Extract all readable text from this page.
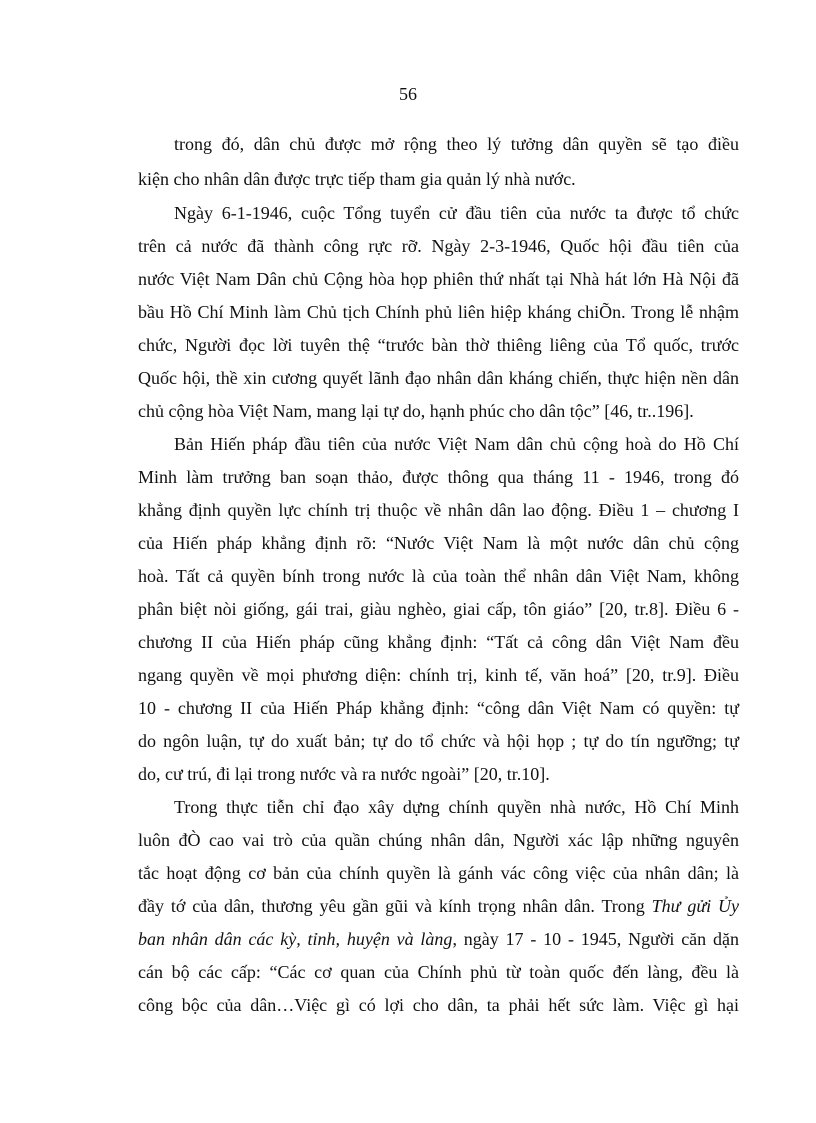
56
trong đó, dân chủ được mở rộng theo lý tưởng dân quyền sẽ tạo điều
kiện cho nhân dân được trực tiếp tham gia quản lý nhà nước.
Ngày 6-1-1946, cuộc Tổng tuyển cử đầu tiên của nước ta được tổ chức
trên cả nước đã thành công rực rỡ. Ngày 2-3-1946, Quốc hội đầu tiên của
nước Việt Nam Dân chủ Cộng hòa họp phiên thứ nhất tại Nhà hát lớn Hà Nội đã
bầu Hồ Chí Minh làm Chủ tịch Chính phủ liên hiệp kháng chiÕn. Trong lễ nhậm
chức, Người đọc lời tuyên thệ “trước bàn thờ thiêng liêng của Tổ quốc, trước
Quốc hội, thề xin cương quyết lãnh đạo nhân dân kháng chiến, thực hiện nền dân
chủ cộng hòa Việt Nam, mang lại tự do, hạnh phúc cho dân tộc” [46, tr..196].
Bản Hiến pháp đầu tiên của nước Việt Nam dân chủ cộng hoà do Hồ Chí
Minh làm trưởng ban soạn thảo, được thông qua tháng 11 - 1946, trong đó
khẳng định quyền lực chính trị thuộc về nhân dân lao động. Điều 1 – chương I
của Hiến pháp khẳng định rõ: “Nước Việt Nam là một nước dân chủ cộng
hoà. Tất cả quyền bính trong nước là của toàn thể nhân dân Việt Nam, không
phân biệt nòi giống, gái trai, giàu nghèo, giai cấp, tôn giáo” [20, tr.8]. Điều 6 -
chương II của Hiến pháp cũng khẳng định: “Tất cả công dân Việt Nam đều
ngang quyền về mọi phương diện: chính trị, kinh tế, văn hoá” [20, tr.9]. Điều
10 - chương II của Hiến Pháp khẳng định: “công dân Việt Nam có quyền: tự
do ngôn luận, tự do xuất bản; tự do tổ chức và hội họp ; tự do tín ngưỡng; tự
do, cư trú, đi lại trong nước và ra nước ngoài” [20, tr.10].
Trong thực tiễn chỉ đạo xây dựng chính quyền nhà nước, Hồ Chí Minh
luôn đÒ cao vai trò của quần chúng nhân dân, Người xác lập những nguyên
tắc hoạt động cơ bản của chính quyền là gánh vác công việc của nhân dân; là
đầy tớ của dân, thương yêu gần gũi và kính trọng nhân dân. Trong Thư gửi Ủy
ban nhân dân các kỳ, tỉnh, huyện và làng, ngày 17 - 10 - 1945, Người căn dặn
cán bộ các cấp: “Các cơ quan của Chính phủ từ toàn quốc đến làng, đều là
công bộc của dân…Việc gì có lợi cho dân, ta phải hết sức làm. Việc gì hại
